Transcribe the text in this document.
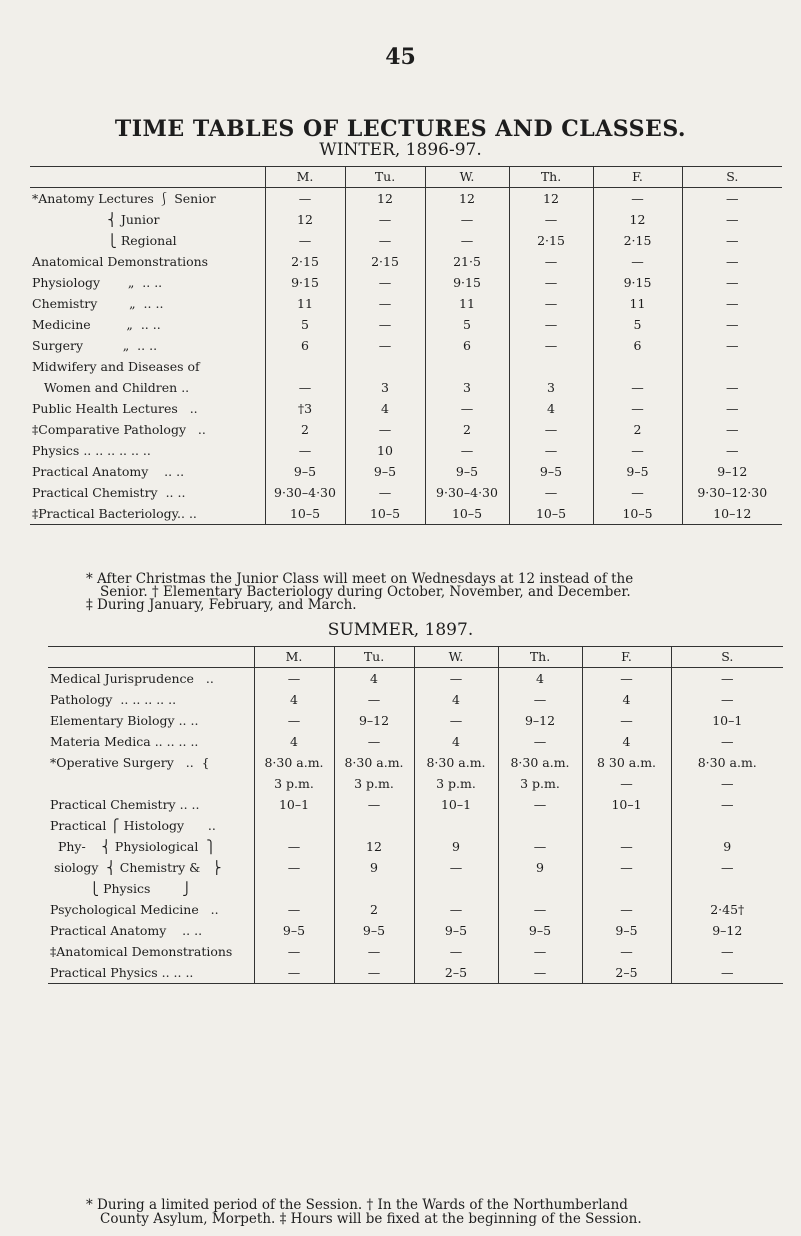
45
TIME TABLES OF LECTURES AND CLASSES.
WINTER, 1896-97.
	M.	Tu.	W.	Th.	F.	S.
*Anatomy Lectures ⎰ Senior	—	12	12	12	—	—
⎨ Junior	12	—	—	—	12	—
⎩ Regional	—	—	—	2·15	2·15	—
Anatomical Demonstrations	2·15	2·15	21·5	—	—	—
Physiology       „  .. ..	9·15	—	9·15	—	9·15	—
Chemistry        „  .. ..	11	—	11	—	11	—
Medicine         „  .. ..	5	—	5	—	5	—
Surgery          „  .. ..	6	—	6	—	6	—
Midwifery and Diseases of						
Women and Children ..	—	3	3	3	—	—
Public Health Lectures   ..	†3	4	—	4	—	—
‡Comparative Pathology   ..	2	—	2	—	2	—
Physics .. .. .. .. .. ..	—	10	—	—	—	—
Practical Anatomy    .. ..	9–5	9–5	9–5	9–5	9–5	9–12
Practical Chemistry  .. ..	9·30–4·30	—	9·30–4·30	—	—	9·30–12·30
‡Practical Bacteriology.. ..	10–5	10–5	10–5	10–5	10–5	10–12
* After Christmas the Junior Class will meet on Wednesdays at 12 instead of the
Senior. † Elementary Bacteriology during October, November, and December.
‡ During January, February, and March.
SUMMER, 1897.
	M.	Tu.	W.	Th.	F.	S.
Medical Jurisprudence   ..	—	4	—	4	—	—
Pathology  .. .. .. .. ..	4	—	4	—	4	—
Elementary Biology .. ..	—	9–12	—	9–12	—	10–1
Materia Medica .. .. .. ..	4	—	4	—	4	—
*Operative Surgery   ..  {	8·30 a.m.	8·30 a.m.	8·30 a.m.	8·30 a.m.	8 30 a.m.	8·30 a.m.
	3 p.m.	3 p.m.	3 p.m.	3 p.m.	—	—
Practical Chemistry .. ..	10–1	—	10–1	—	10–1	—
Practical ⎧ Histology      ..						
Phy-    ⎨ Physiological  ⎫	—	12	9	—	—	9
siology  ⎨ Chemistry &   ⎬	—	9	—	9	—	—
⎩ Physics        ⎭						
Psychological Medicine   ..	—	2	—	—	—	2·45†
Practical Anatomy    .. ..	9–5	9–5	9–5	9–5	9–5	9–12
‡Anatomical Demonstrations	—	—	—	—	—	—
Practical Physics .. .. ..	—	—	2–5	—	2–5	—
* During a limited period of the Session. † In the Wards of the Northumberland
County Asylum, Morpeth. ‡ Hours will be fixed at the beginning of the Session.
